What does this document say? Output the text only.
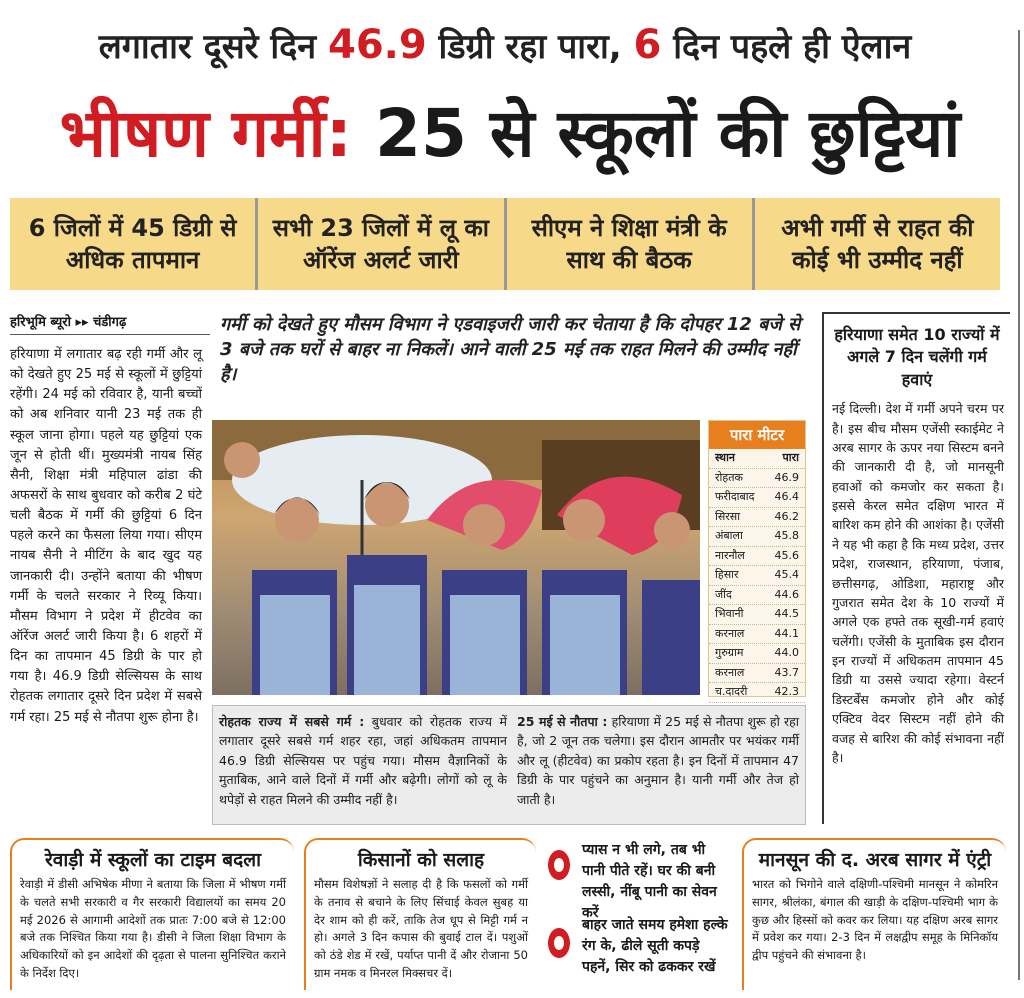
लगातार दूसरे दिन 46.9 डिग्री रहा पारा, 6 दिन पहले ही ऐलान
भीषण गर्मी: 25 से स्कूलों की छुट्टियां
6 जिलों में 45 डिग्री से अधिक तापमान
सभी 23 जिलों में लू का ऑरेंज अलर्ट जारी
सीएम ने शिक्षा मंत्री के साथ की बैठक
अभी गर्मी से राहत की कोई भी उम्मीद नहीं
हरिभूमि ब्यूरो ▸▸ चंडीगढ़
हरियाणा में लगातार बढ़ रही गर्मी और लू को देखते हुए 25 मई से स्कूलों में छुट्टियां रहेंगी। 24 मई को रविवार है, यानी बच्चों को अब शनिवार यानी 23 मई तक ही स्कूल जाना होगा। पहले यह छुट्टियां एक जून से होती थीं। मुख्यमंत्री नायब सिंह सैनी, शिक्षा मंत्री महिपाल ढांडा की अफसरों के साथ बुधवार को करीब 2 घंटे चली बैठक में गर्मी की छुट्टियां 6 दिन पहले करने का फैसला लिया गया। सीएम नायब सैनी ने मीटिंग के बाद खुद यह जानकारी दी। उन्होंने बताया की भीषण गर्मी के चलते सरकार ने रिव्यू किया। मौसम विभाग ने प्रदेश में हीटवेव का ऑरेंज अलर्ट जारी किया है। 6 शहरों में दिन का तापमान 45 डिग्री के पार हो गया है। 46.9 डिग्री सेल्सियस के साथ रोहतक लगातार दूसरे दिन प्रदेश में सबसे गर्म रहा। 25 मई से नौतपा शुरू होना है।
गर्मी को देखते हुए मौसम विभाग ने एडवाइजरी जारी कर चेताया है कि दोपहर 12 बजे से 3 बजे तक घरों से बाहर ना निकलें। आने वाली 25 मई तक राहत मिलने की उम्मीद नहीं है।
पारा मीटर
स्थान	पारा
रोहतक	46.9
फरीदाबाद 46.4
सिरसा	46.2
अंबाला	45.8
नारनौल	45.6
हिसार	45.4
जींद	44.6
भिवानी	44.5
करनाल	44.1
गुरुग्राम	44.0
करनाल	43.7
च.दादरी 42.3
रोहतक राज्य में सबसे गर्म : बुधवार को रोहतक राज्य में लगातार दूसरे सबसे गर्म शहर रहा, जहां अधिकतम तापमान 46.9 डिग्री सेल्सियस पर पहुंच गया। मौसम वैज्ञानिकों के मुताबिक, आने वाले दिनों में गर्मी और बढ़ेगी। लोगों को लू के थपेड़ों से राहत मिलने की उम्मीद नहीं है।
25 मई से नौतपा : हरियाणा में 25 मई से नौतपा शुरू हो रहा है, जो 2 जून तक चलेगा। इस दौरान आमतौर पर भयंकर गर्मी और लू (हीटवेव) का प्रकोप रहता है। इन दिनों में तापमान 47 डिग्री के पार पहुंचने का अनुमान है। यानी गर्मी और तेज हो जाती है।
हरियाणा समेत 10 राज्यों में अगले 7 दिन चलेंगी गर्म हवाएं
नई दिल्ली। देश में गर्मी अपने चरम पर है। इस बीच मौसम एजेंसी स्काईमेट ने अरब सागर के ऊपर नया सिस्टम बनने की जानकारी दी है, जो मानसूनी हवाओं को कमजोर कर सकता है। इससे केरल समेत दक्षिण भारत में बारिश कम होने की आशंका है। एजेंसी ने यह भी कहा है कि मध्य प्रदेश, उत्तर प्रदेश, राजस्थान, हरियाणा, पंजाब, छत्तीसगढ़, ओडिशा, महाराष्ट्र और गुजरात समेत देश के 10 राज्यों में अगले एक हफ्ते तक सूखी-गर्म हवाएं चलेंगी। एजेंसी के मुताबिक इस दौरान इन राज्यों में अधिकतम तापमान 45 डिग्री या उससे ज्यादा रहेगा। वेस्टर्न डिस्टर्बेंस कमजोर होने और कोई एक्टिव वेदर सिस्टम नहीं होने की वजह से बारिश की कोई संभावना नहीं है।
रेवाड़ी में स्कूलों का टाइम बदला
रेवाड़ी में डीसी अभिषेक मीणा ने बताया कि जिला में भीषण गर्मी के चलते सभी सरकारी व गैर सरकारी विद्यालयों का समय 20 मई 2026 से आगामी आदेशों तक प्रातः 7:00 बजे से 12:00 बजे तक निश्चित किया गया है। डीसी ने जिला शिक्षा विभाग के अधिकारियों को इन आदेशों की दृढ़ता से पालना सुनिश्चित कराने के निर्देश दिए।
किसानों को सलाह
मौसम विशेषज्ञों ने सलाह दी है कि फसलों को गर्मी के तनाव से बचाने के लिए सिंचाई केवल सुबह या देर शाम को ही करें, ताकि तेज धूप से मिट्टी गर्म न हो। अगले 3 दिन कपास की बुवाई टाल दें। पशुओं को ठंडे शेड में रखें, पर्याप्त पानी दें और रोजाना 50 ग्राम नमक व मिनरल मिक्सचर दें।
प्यास न भी लगे, तब भी पानी पीते रहें। घर की बनी लस्सी, नींबू पानी का सेवन करें
बाहर जाते समय हमेशा हल्के रंग के, ढीले सूती कपड़े पहनें, सिर को ढककर रखें
मानसून की द. अरब सागर में एंट्री
भारत को भिगोने वाले दक्षिणी-पश्चिमी मानसून ने कोमरिन सागर, श्रीलंका, बंगाल की खाड़ी के दक्षिण-पश्चिमी भाग के कुछ और हिस्सों को कवर कर लिया। यह दक्षिण अरब सागर में प्रवेश कर गया। 2-3 दिन में लक्षद्वीप समूह के मिनिकॉय द्वीप पहुंचने की संभावना है।
